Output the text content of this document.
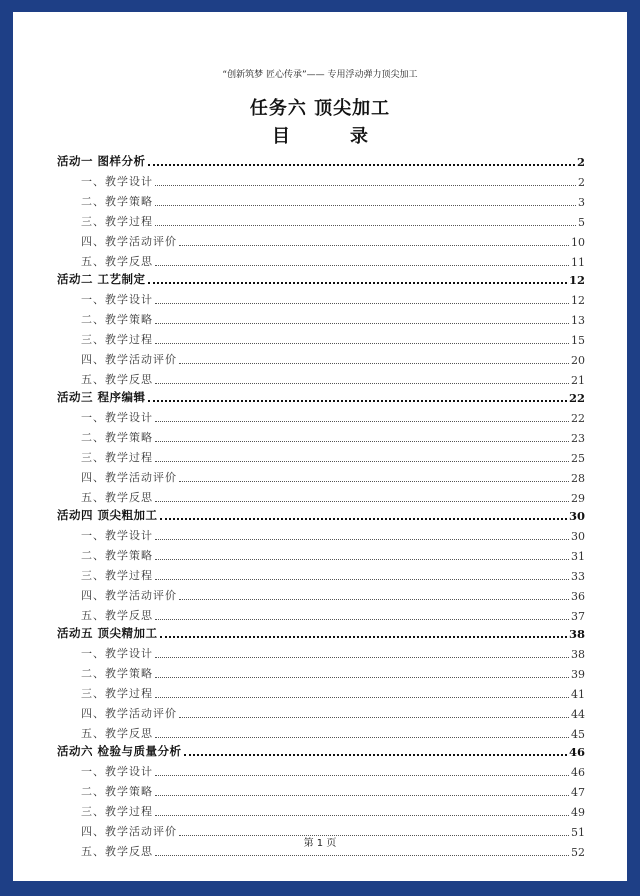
“创新筑梦 匠心传承”—— 专用浮动弹力顶尖加工
任务六 顶尖加工
目	录
活动一 图样分析	2
一、教学设计	2
二、教学策略	3
三、教学过程	5
四、教学活动评价	10
五、教学反思	11
活动二 工艺制定	12
一、教学设计	12
二、教学策略	13
三、教学过程	15
四、教学活动评价	20
五、教学反思	21
活动三 程序编辑	22
一、教学设计	22
二、教学策略	23
三、教学过程	25
四、教学活动评价	28
五、教学反思	29
活动四 顶尖粗加工	30
一、教学设计	30
二、教学策略	31
三、教学过程	33
四、教学活动评价	36
五、教学反思	37
活动五 顶尖精加工	38
一、教学设计	38
二、教学策略	39
三、教学过程	41
四、教学活动评价	44
五、教学反思	45
活动六 检验与质量分析	46
一、教学设计	46
二、教学策略	47
三、教学过程	49
四、教学活动评价	51
五、教学反思	52
第 1 页
